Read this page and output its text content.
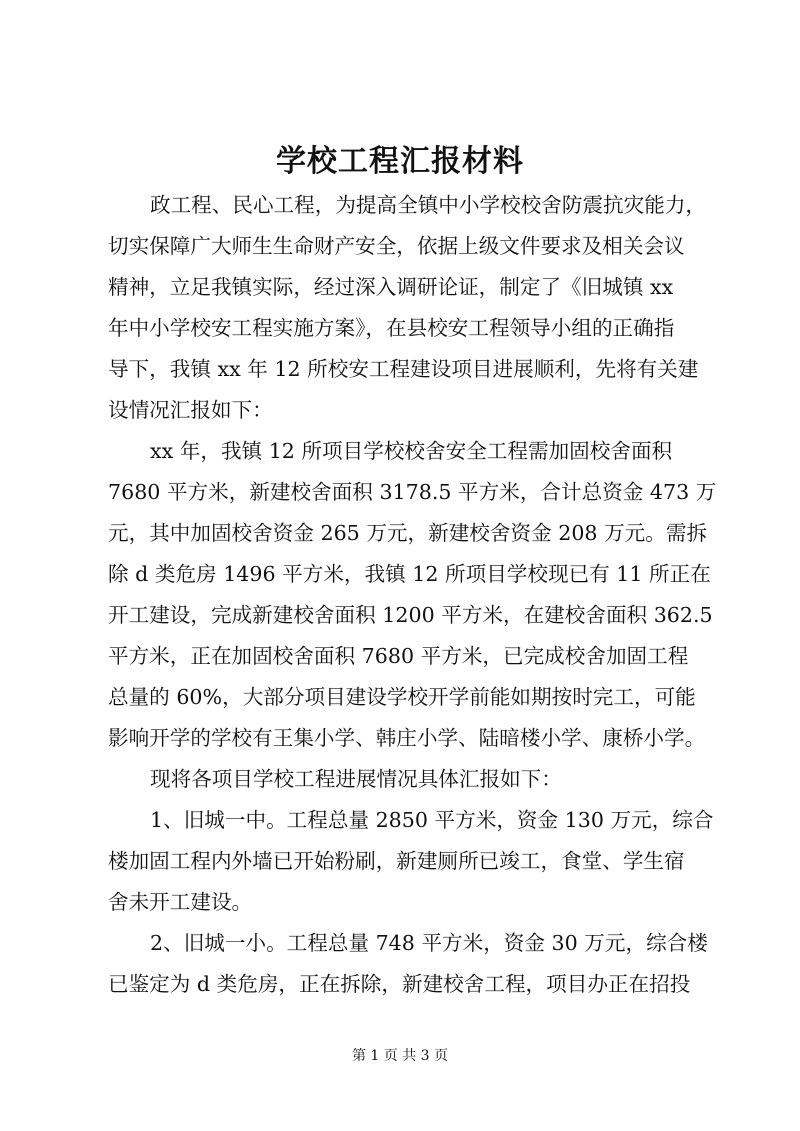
学校工程汇报材料
政工程、民心工程，为提高全镇中小学校校舍防震抗灾能力，
切实保障广大师生生命财产安全，依据上级文件要求及相关会议
精神，立足我镇实际，经过深入调研论证，制定了《旧城镇 xx
年中小学校安工程实施方案》，在县校安工程领导小组的正确指
导下，我镇 xx 年 12 所校安工程建设项目进展顺利，先将有关建
设情况汇报如下：
xx 年，我镇 12 所项目学校校舍安全工程需加固校舍面积
7680 平方米，新建校舍面积 3178.5 平方米，合计总资金 473 万
元，其中加固校舍资金 265 万元，新建校舍资金 208 万元。需拆
除 d 类危房 1496 平方米，我镇 12 所项目学校现已有 11 所正在
开工建设，完成新建校舍面积 1200 平方米，在建校舍面积 362.5
平方米，正在加固校舍面积 7680 平方米，已完成校舍加固工程
总量的 60%，大部分项目建设学校开学前能如期按时完工，可能
影响开学的学校有王集小学、韩庄小学、陆暗楼小学、康桥小学。
现将各项目学校工程进展情况具体汇报如下：
1、旧城一中。工程总量 2850 平方米，资金 130 万元，综合
楼加固工程内外墙已开始粉刷，新建厕所已竣工，食堂、学生宿
舍未开工建设。
2、旧城一小。工程总量 748 平方米，资金 30 万元，综合楼
已鉴定为 d 类危房，正在拆除，新建校舍工程，项目办正在招投
第 1 页 共 3 页
